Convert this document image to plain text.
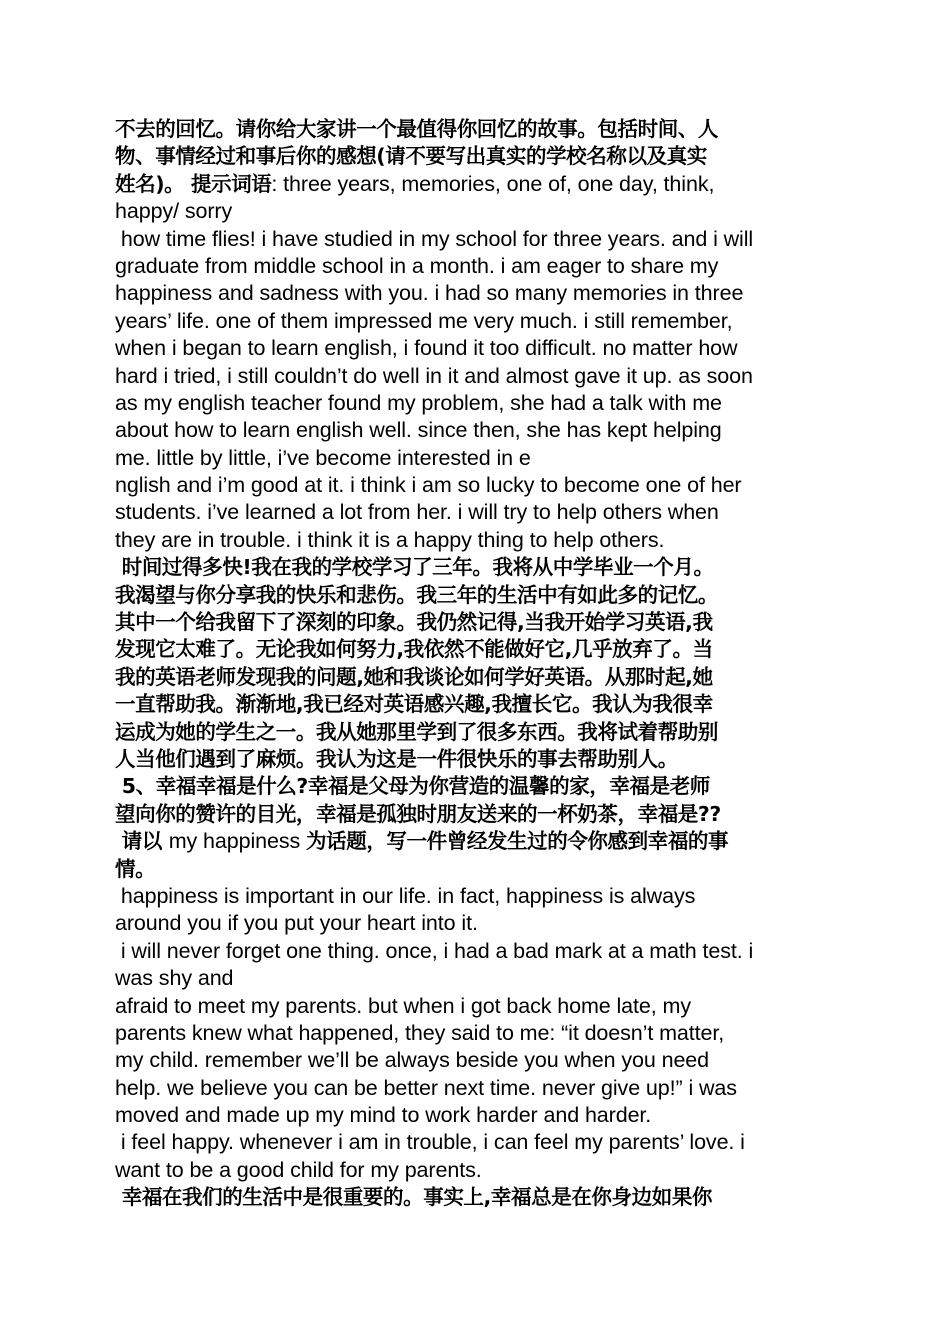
不去的回忆。请你给大家讲一个最值得你回忆的故事。包括时间、人
物、事情经过和事后你的感想(请不要写出真实的学校名称以及真实
姓名)。 提示词语: three years, memories, one of, one day, think,
happy/ sorry
how time flies! i have studied in my school for three years. and i will
graduate from middle school in a month. i am eager to share my
happiness and sadness with you. i had so many memories in three
years’ life. one of them impressed me very much. i still remember,
when i began to learn english, i found it too difficult. no matter how
hard i tried, i still couldn’t do well in it and almost gave it up. as soon
as my english teacher found my problem, she had a talk with me
about how to learn english well. since then, she has kept helping
me. little by little, i’ve become interested in e
nglish and i’m good at it. i think i am so lucky to become one of her
students. i’ve learned a lot from her. i will try to help others when
they are in trouble. i think it is a happy thing to help others.
时间过得多快!我在我的学校学习了三年。我将从中学毕业一个月。
我渴望与你分享我的快乐和悲伤。我三年的生活中有如此多的记忆。
其中一个给我留下了深刻的印象。我仍然记得,当我开始学习英语,我
发现它太难了。无论我如何努力,我依然不能做好它,几乎放弃了。当
我的英语老师发现我的问题,她和我谈论如何学好英语。从那时起,她
一直帮助我。渐渐地,我已经对英语感兴趣,我擅长它。我认为我很幸
运成为她的学生之一。我从她那里学到了很多东西。我将试着帮助别
人当他们遇到了麻烦。我认为这是一件很快乐的事去帮助别人。
5、幸福幸福是什么?幸福是父母为你营造的温馨的家，幸福是老师
望向你的赞许的目光，幸福是孤独时朋友送来的一杯奶茶，幸福是??
请以 my happiness 为话题，写一件曾经发生过的令你感到幸福的事
情。
happiness is important in our life. in fact, happiness is always
around you if you put your heart into it.
i will never forget one thing. once, i had a bad mark at a math test. i
was shy and
afraid to meet my parents. but when i got back home late, my
parents knew what happened, they said to me: “it doesn’t matter,
my child. remember we’ll be always beside you when you need
help. we believe you can be better next time. never give up!” i was
moved and made up my mind to work harder and harder.
i feel happy. whenever i am in trouble, i can feel my parents’ love. i
want to be a good child for my parents.
幸福在我们的生活中是很重要的。事实上,幸福总是在你身边如果你
